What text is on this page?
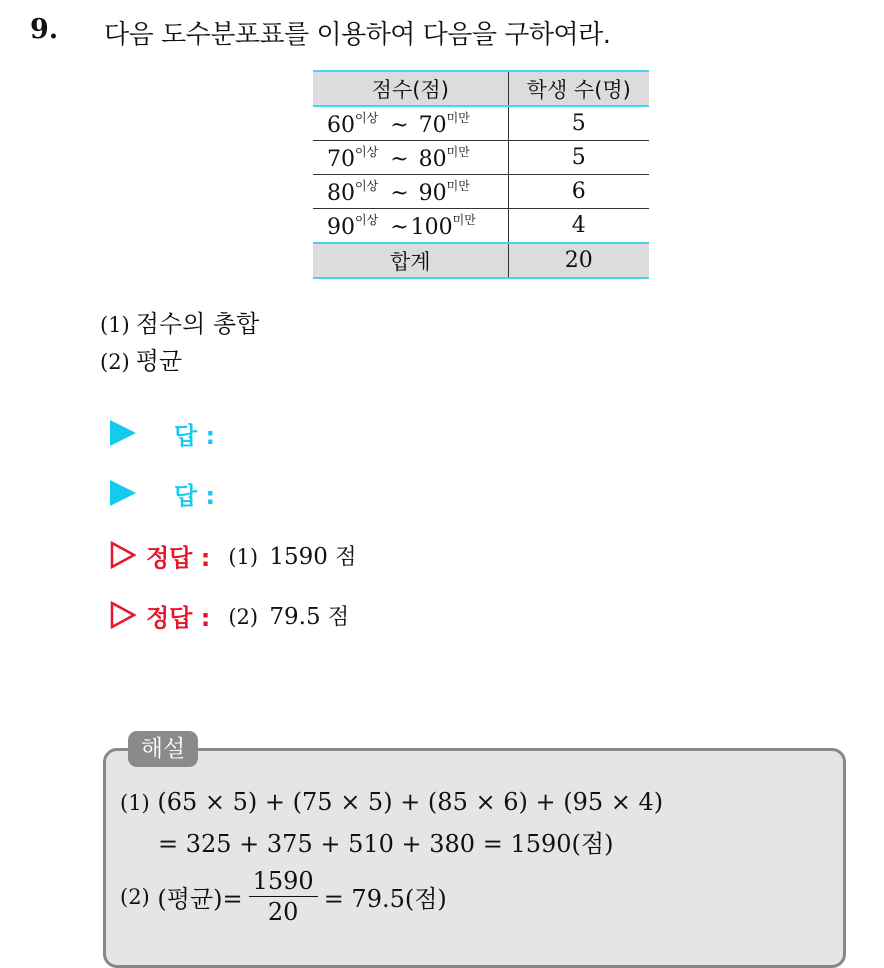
9. 다음 도수분포표를 이용하여 다음을 구하여라.
점수(점)	학생 수(명)
$60^{이상}$ ~ $70^{미만}$	5
$70^{이상}$ ~ $80^{미만}$	5
$80^{이상}$ ~ $90^{미만}$	6
$90^{이상}$ $\sim 100^{미만}$	4
합계	20
(1) 점수의 총합
(2) 평균
답 :
답 :
정답 : (1) 1590 점
정답 : (2) 79.5 점
해설
(1) (65 × 5) + (75 × 5) + (85 × 6) + (95 × 4)
= 325 + 375 + 510 + 380 = 1590(점)
(2)
(평균)= $\frac{1590}{20} = 79.5$(점)
